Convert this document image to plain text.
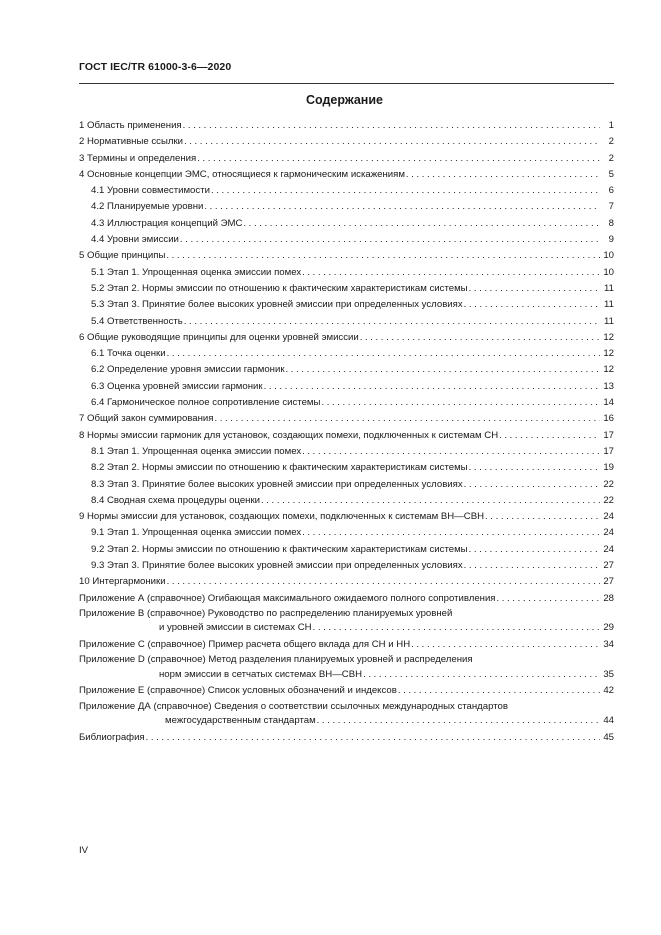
ГОСТ IEC/TR 61000-3-6—2020
Содержание
1 Область применения .....	1
2 Нормативные ссылки .....	2
3 Термины и определения .....	2
4 Основные концепции ЭМС, относящиеся к гармоническим искажениям .....	5
4.1 Уровни совместимости .....	6
4.2 Планируемые уровни .....	7
4.3 Иллюстрация концепций ЭМС .....	8
4.4 Уровни эмиссии .....	9
5 Общие принципы .....	10
5.1 Этап 1. Упрощенная оценка эмиссии помех .....	10
5.2 Этап 2. Нормы эмиссии по отношению к фактическим характеристикам системы .....	11
5.3 Этап 3. Принятие более высоких уровней эмиссии при определенных условиях .....	11
5.4 Ответственность .....	11
6 Общие руководящие принципы для оценки уровней эмиссии .....	12
6.1 Точка оценки .....	12
6.2 Определение уровня эмиссии гармоник .....	12
6.3 Оценка уровней эмиссии гармоник .....	13
6.4 Гармоническое полное сопротивление системы .....	14
7 Общий закон суммирования .....	16
8 Нормы эмиссии гармоник для установок, создающих помехи, подключенных к системам СН .....	17
8.1 Этап 1. Упрощенная оценка эмиссии помех .....	17
8.2 Этап 2. Нормы эмиссии по отношению к фактическим характеристикам системы .....	19
8.3 Этап 3. Принятие более высоких уровней эмиссии при определенных условиях .....	22
8.4 Сводная схема процедуры оценки .....	22
9 Нормы эмиссии для установок, создающих помехи, подключенных к системам ВН—СВН .....	24
9.1 Этап 1. Упрощенная оценка эмиссии помех .....	24
9.2 Этап 2. Нормы эмиссии по отношению к фактическим характеристикам системы .....	24
9.3 Этап 3. Принятие более высоких уровней эмиссии при определенных условиях .....	27
10 Интергармоники .....	27
Приложение А (справочное) Огибающая максимального ожидаемого полного сопротивления .....	28
Приложение В (справочное) Руководство по распределению планируемых уровней
и уровней эмиссии в системах СН .....	29
Приложение С (справочное) Пример расчета общего вклада для СН и НН .....	34
Приложение D (справочное) Метод разделения планируемых уровней и распределения
норм эмиссии в сетчатых системах ВН—СВН .....	35
Приложение Е (справочное) Список условных обозначений и индексов .....	42
Приложение ДА (справочное) Сведения о соответствии ссылочных международных стандартов
межгосударственным стандартам .....	44
Библиография .....	45
IV
